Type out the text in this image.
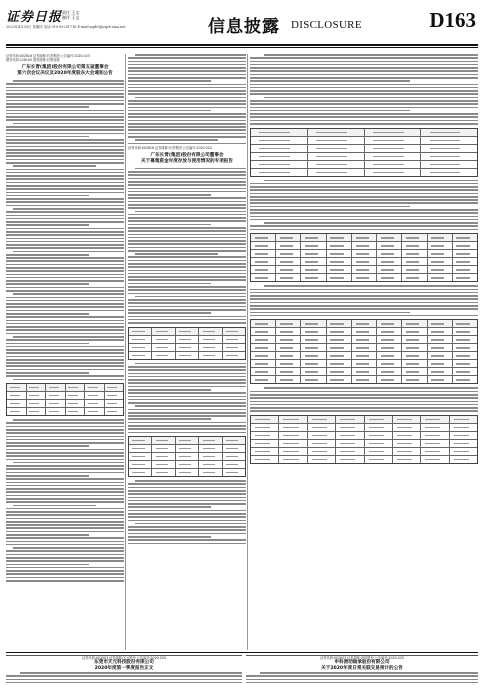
证券日报 责任 王文
制作 王文
2020年4月30日 星期四 电话:010-83251716 E-mail:zqrb9@zqrb.sina.net	信息披露 DISCLOSURE	D163
证券代码:002616 证券简称:长青集团 公告编号:2020-023
债券代码:128105 债券简称:长集转债
广东长青(集团)股份有限公司第五届董事会
第六次会议决议及2020年度股东大会通知公告
证券代码:002616 证券简称:长青集团 公告编号:2020-024
广东长青(集团)股份有限公司董事会
关于募集资金年度存放与使用情况的专项报告
证券代码:003003 证券简称:天元股份 公告编号:2020-020
东莞市天元科技股份有限公司
2020年度第一季度报告正文
证券代码:002633 证券简称:申科股份 公告编号:2020-025
申科滑动轴承股份有限公司
关于2020年度日常关联交易预计的公告
